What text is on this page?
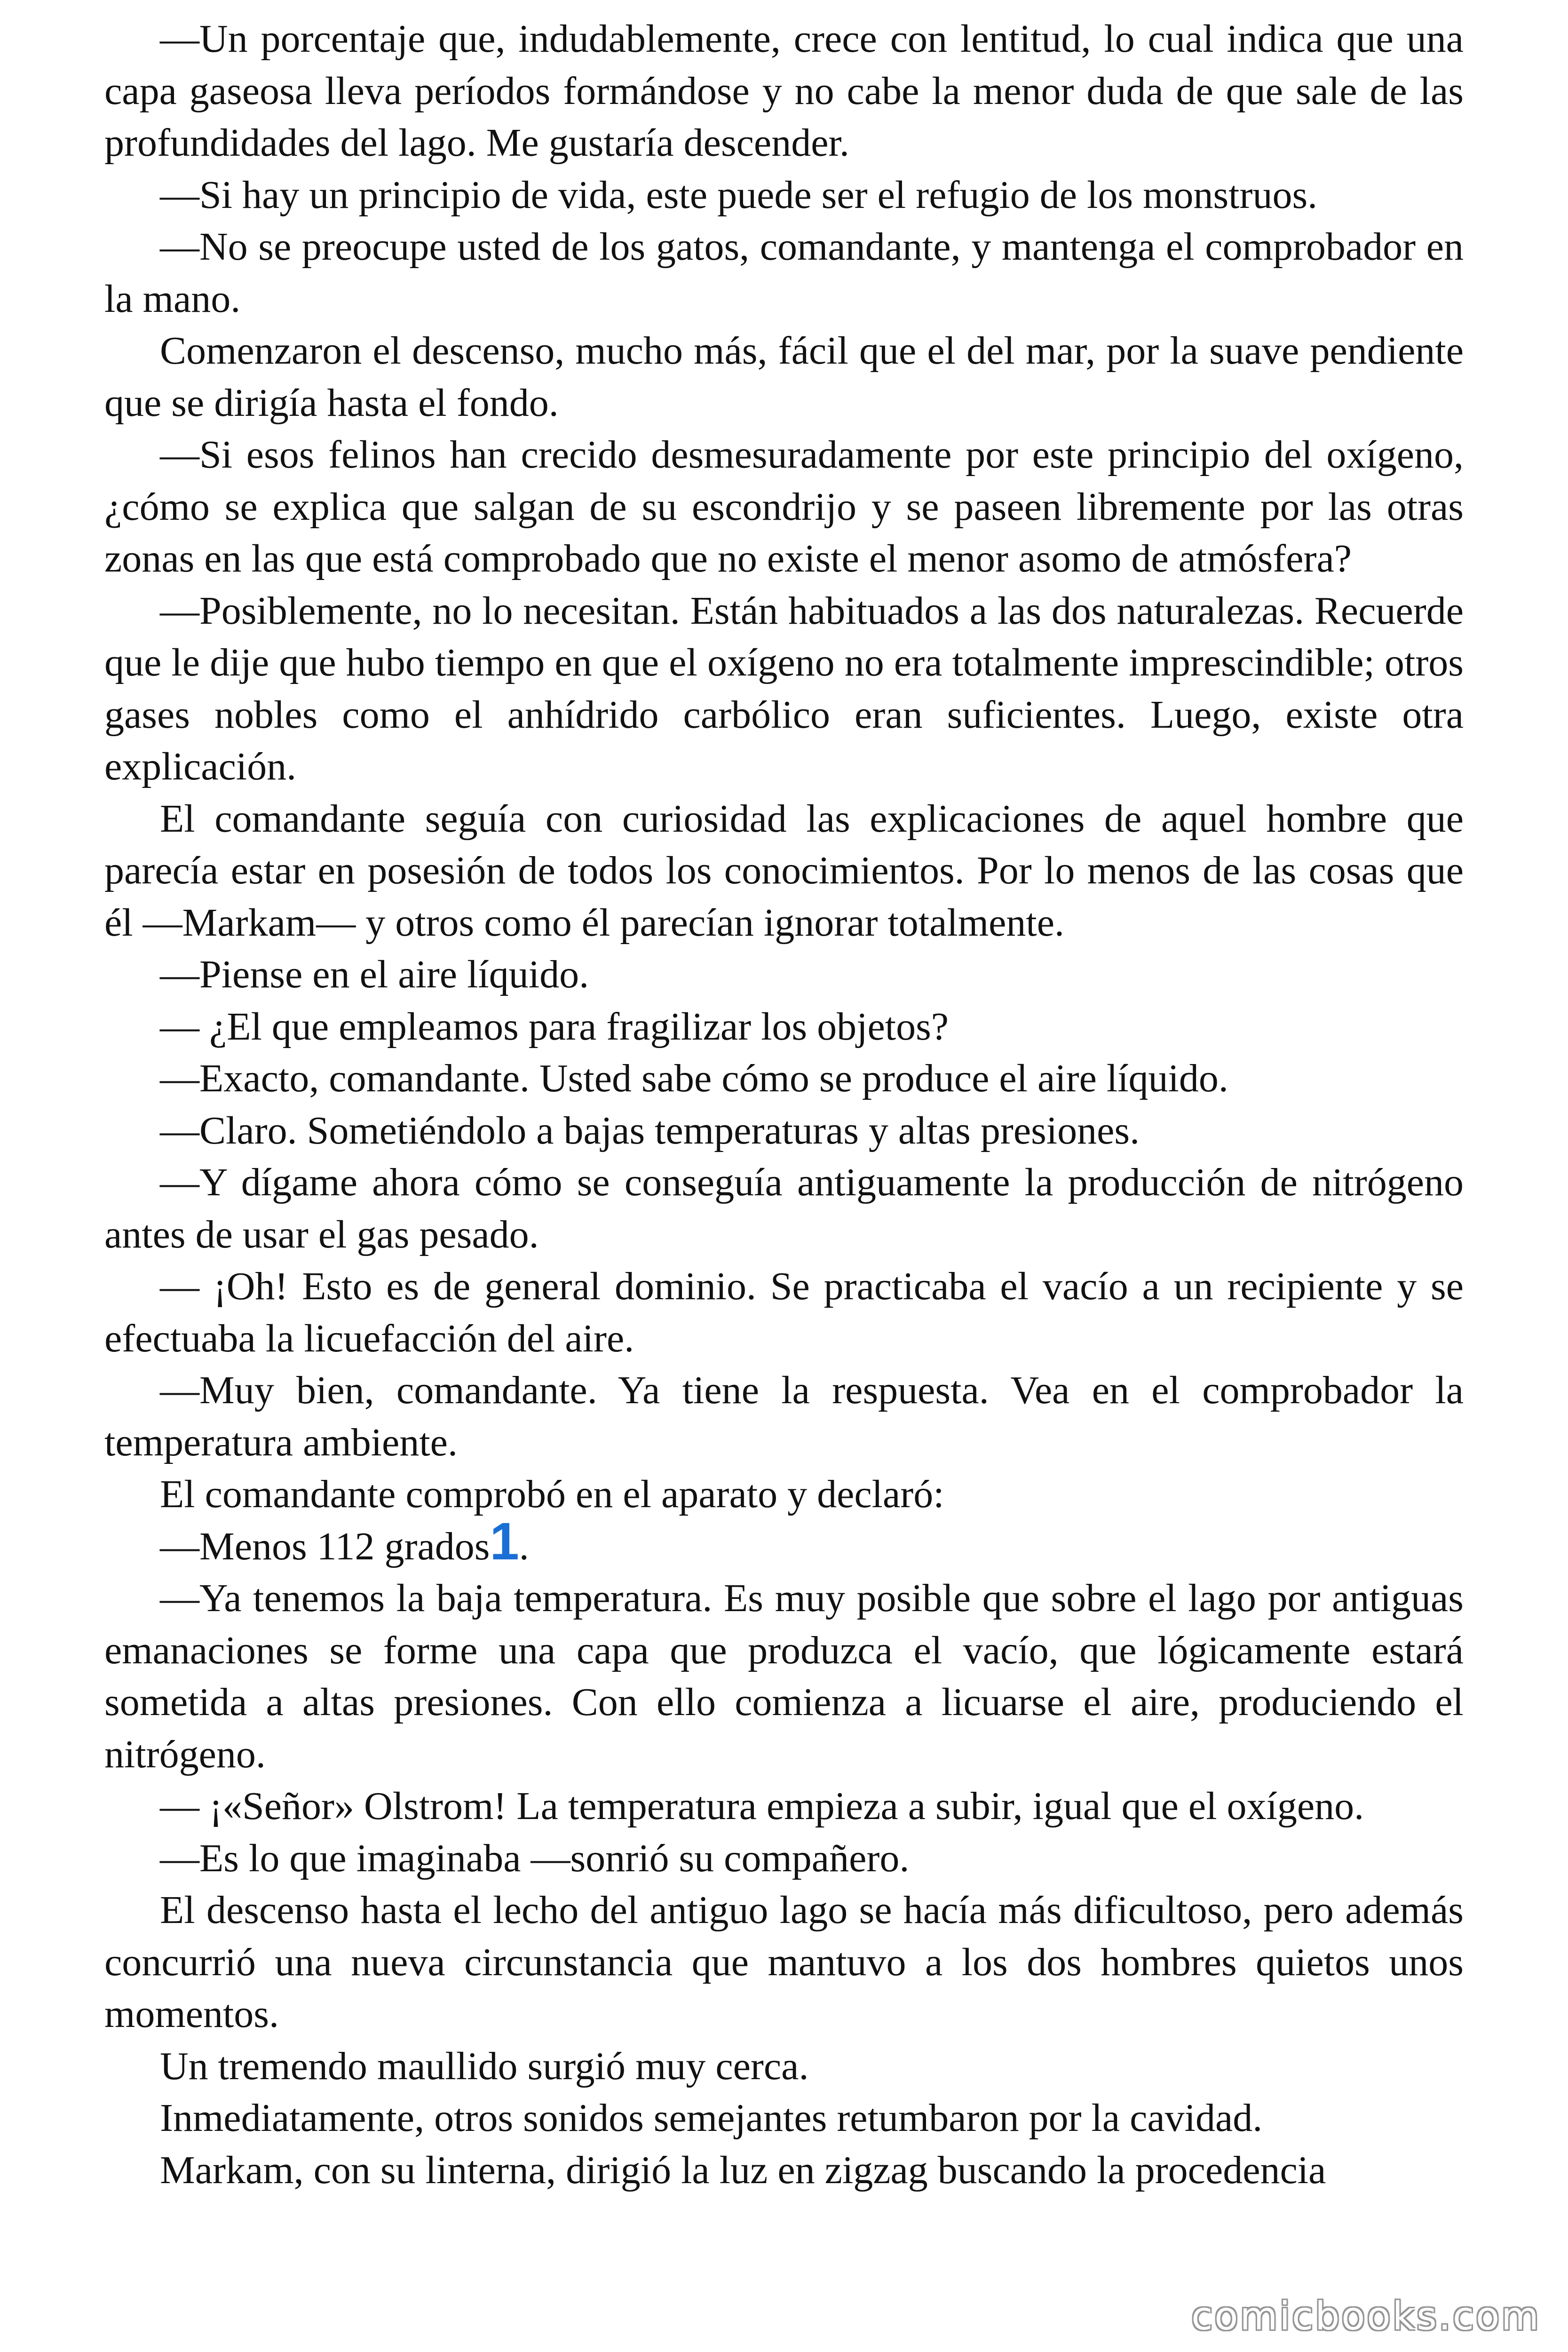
—Un porcentaje que, indudablemente, crece con lentitud, lo cual indica que una capa gaseosa lleva períodos formándose y no cabe la menor duda de que sale de las profundidades del lago. Me gustaría descender.

—Si hay un principio de vida, este puede ser el refugio de los monstruos.

—No se preocupe usted de los gatos, comandante, y mantenga el comprobador en la mano.

Comenzaron el descenso, mucho más, fácil que el del mar, por la suave pendiente que se dirigía hasta el fondo.

—Si esos felinos han crecido desmesuradamente por este principio del oxígeno, ¿cómo se explica que salgan de su escondrijo y se paseen libremente por las otras zonas en las que está comprobado que no existe el menor asomo de atmósfera?

—Posiblemente, no lo necesitan. Están habituados a las dos naturalezas. Recuerde que le dije que hubo tiempo en que el oxígeno no era totalmente imprescindible; otros gases nobles como el anhídrido carbólico eran suficientes. Luego, existe otra explicación.

El comandante seguía con curiosidad las explicaciones de aquel hombre que parecía estar en posesión de todos los conocimientos. Por lo menos de las cosas que él —Markam— y otros como él parecían ignorar totalmente.

—Piense en el aire líquido.

— ¿El que empleamos para fragilizar los objetos?

—Exacto, comandante. Usted sabe cómo se produce el aire líquido.

—Claro. Sometiéndolo a bajas temperaturas y altas presiones.

—Y dígame ahora cómo se conseguía antiguamente la producción de nitrógeno antes de usar el gas pesado.

— ¡Oh! Esto es de general dominio. Se practicaba el vacío a un recipiente y se efectuaba la licuefacción del aire.

—Muy bien, comandante. Ya tiene la respuesta. Vea en el comprobador la temperatura ambiente.

El comandante comprobó en el aparato y declaró:

—Menos 112 grados1.

—Ya tenemos la baja temperatura. Es muy posible que sobre el lago por antiguas emanaciones se forme una capa que produzca el vacío, que lógicamente estará sometida a altas presiones. Con ello comienza a licuarse el aire, produciendo el nitrógeno.

— ¡«Señor» Olstrom! La temperatura empieza a subir, igual que el oxígeno.

—Es lo que imaginaba —sonrió su compañero.

El descenso hasta el lecho del antiguo lago se hacía más dificultoso, pero además concurrió una nueva circunstancia que mantuvo a los dos hombres quietos unos momentos.

Un tremendo maullido surgió muy cerca.

Inmediatamente, otros sonidos semejantes retumbaron por la cavidad.

Markam, con su linterna, dirigió la luz en zigzag buscando la procedencia

comicbooks.com
